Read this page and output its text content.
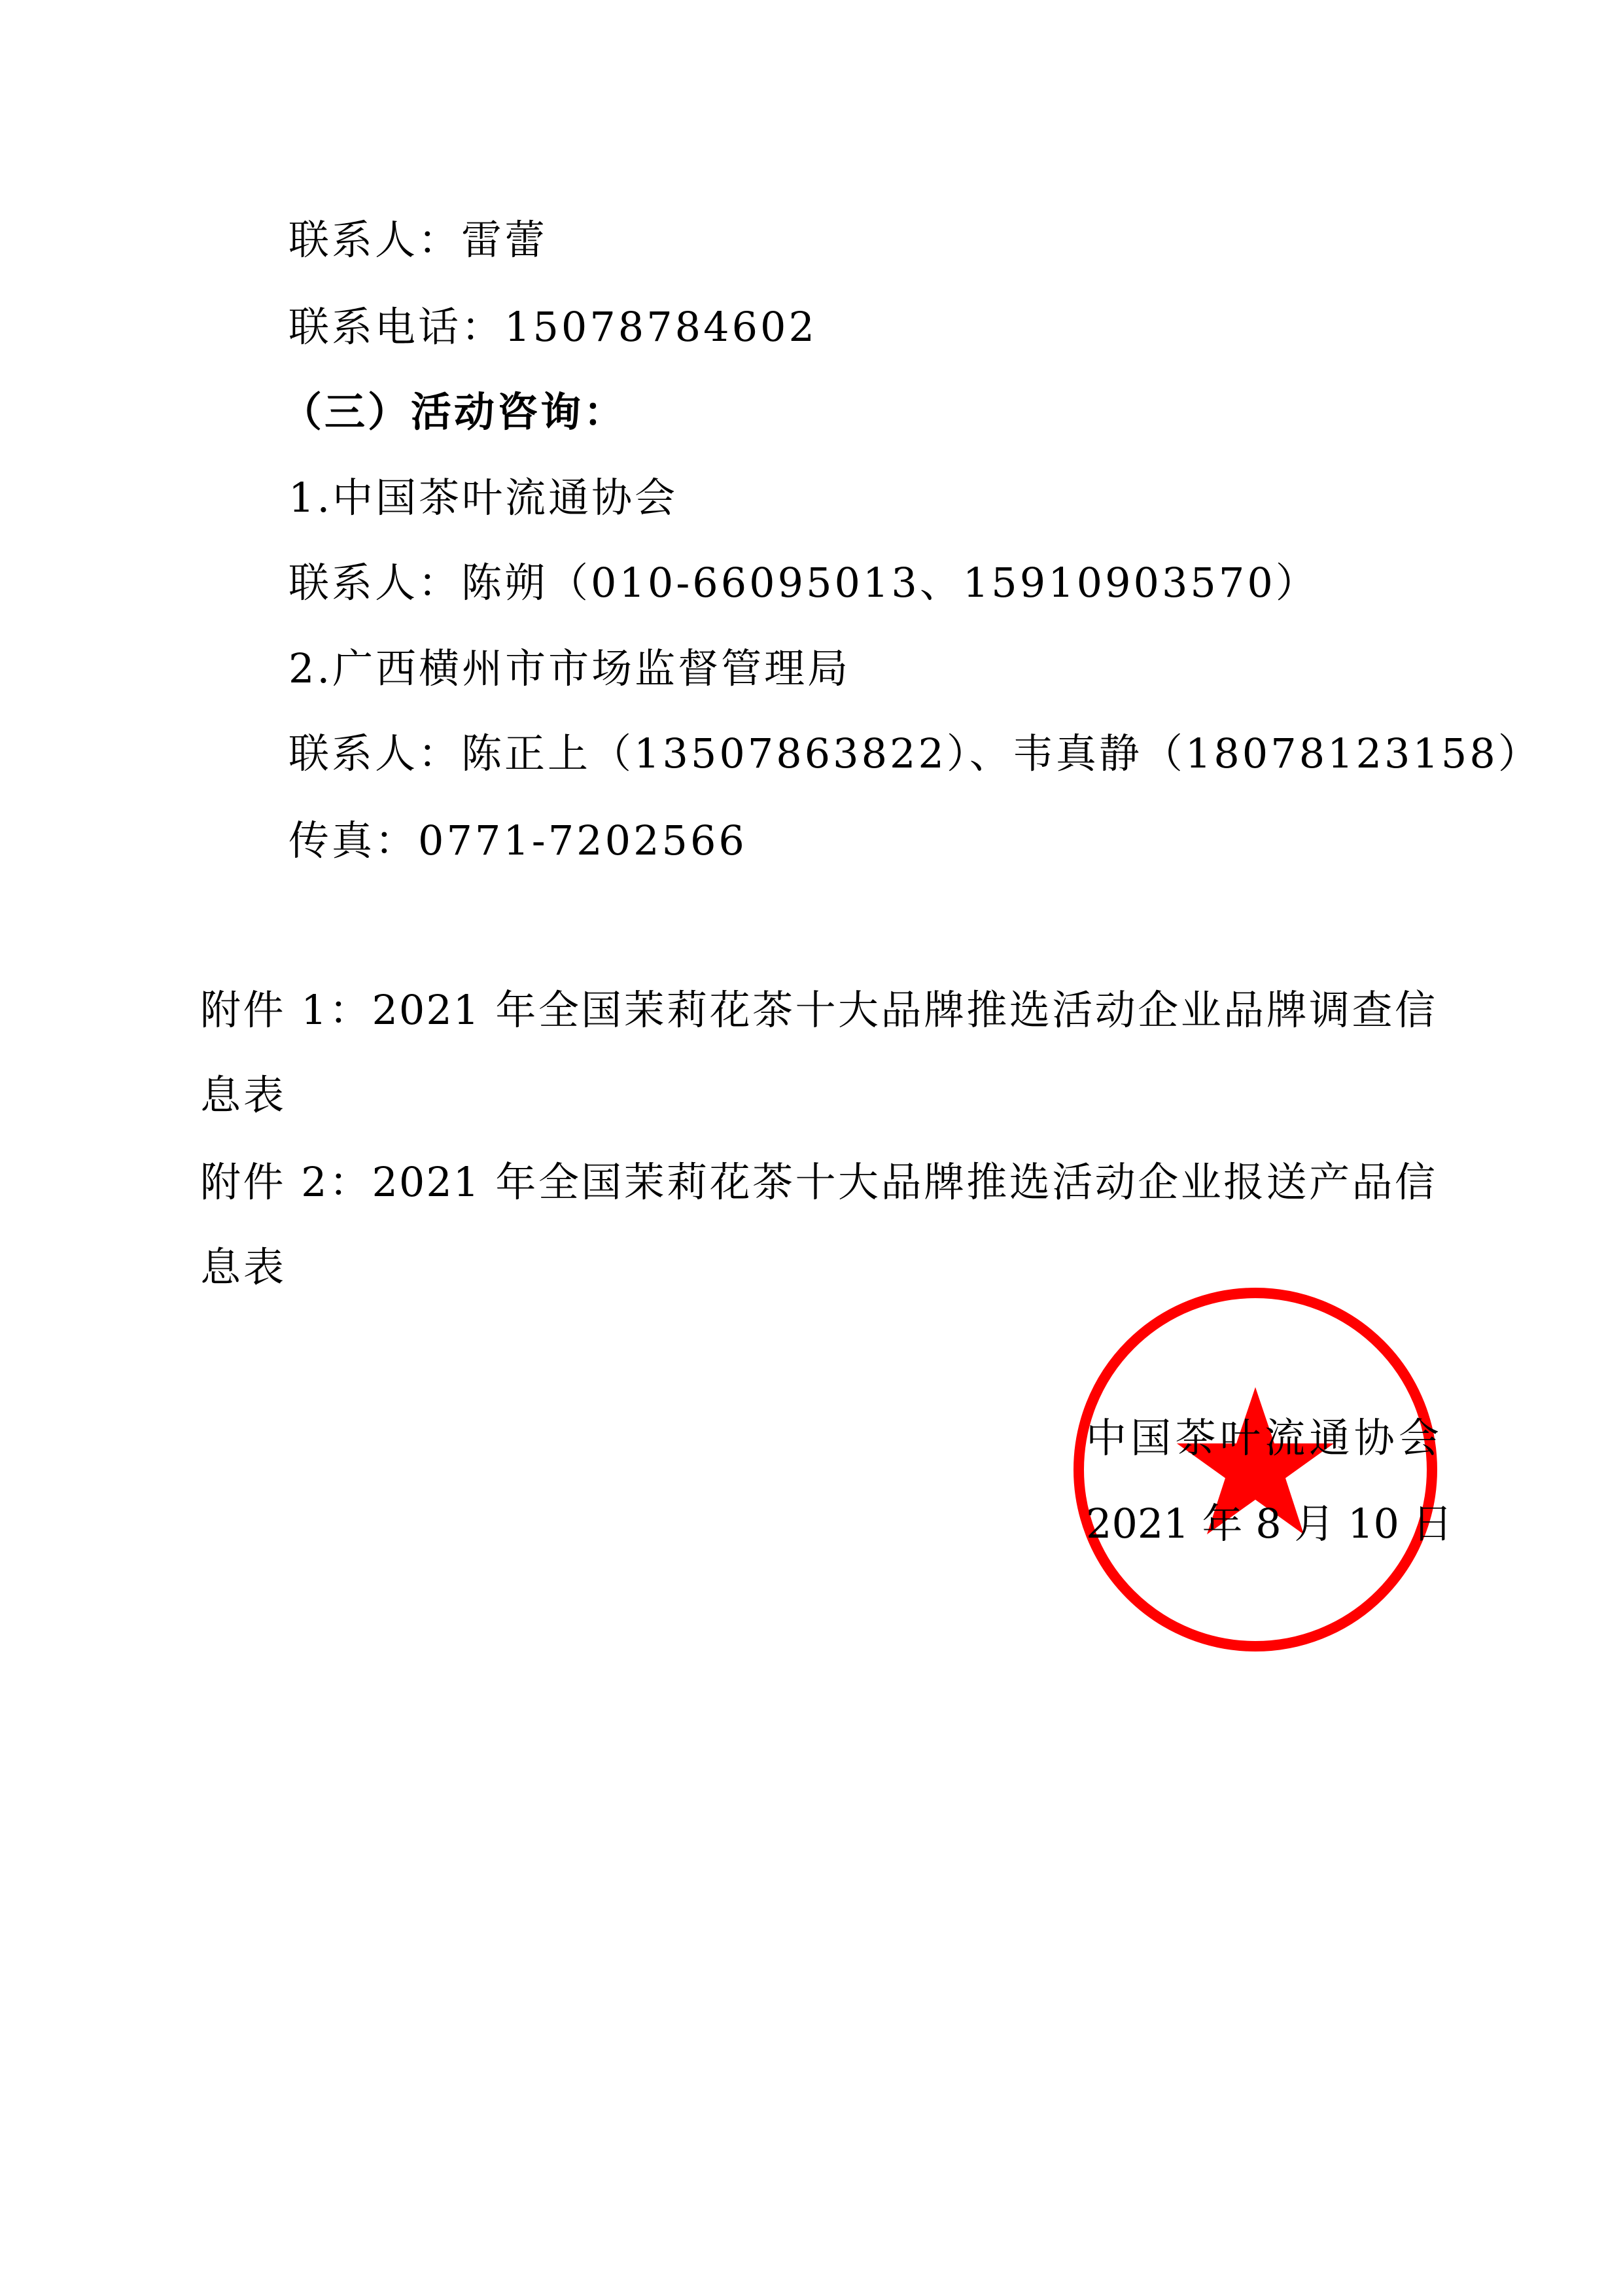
联系人：雷蕾
联系电话：15078784602
（三）活动咨询：
1.中国茶叶流通协会
联系人：陈朔（010-66095013、15910903570）
2.广西横州市市场监督管理局
联系人：陈正上（13507863822）、韦真静（18078123158）
传真：0771-7202566
附件 1：2021 年全国茉莉花茶十大品牌推选活动企业品牌调查信
息表
附件 2：2021 年全国茉莉花茶十大品牌推选活动企业报送产品信
息表
中国茶叶流通协会
2021 年 8 月 10 日
